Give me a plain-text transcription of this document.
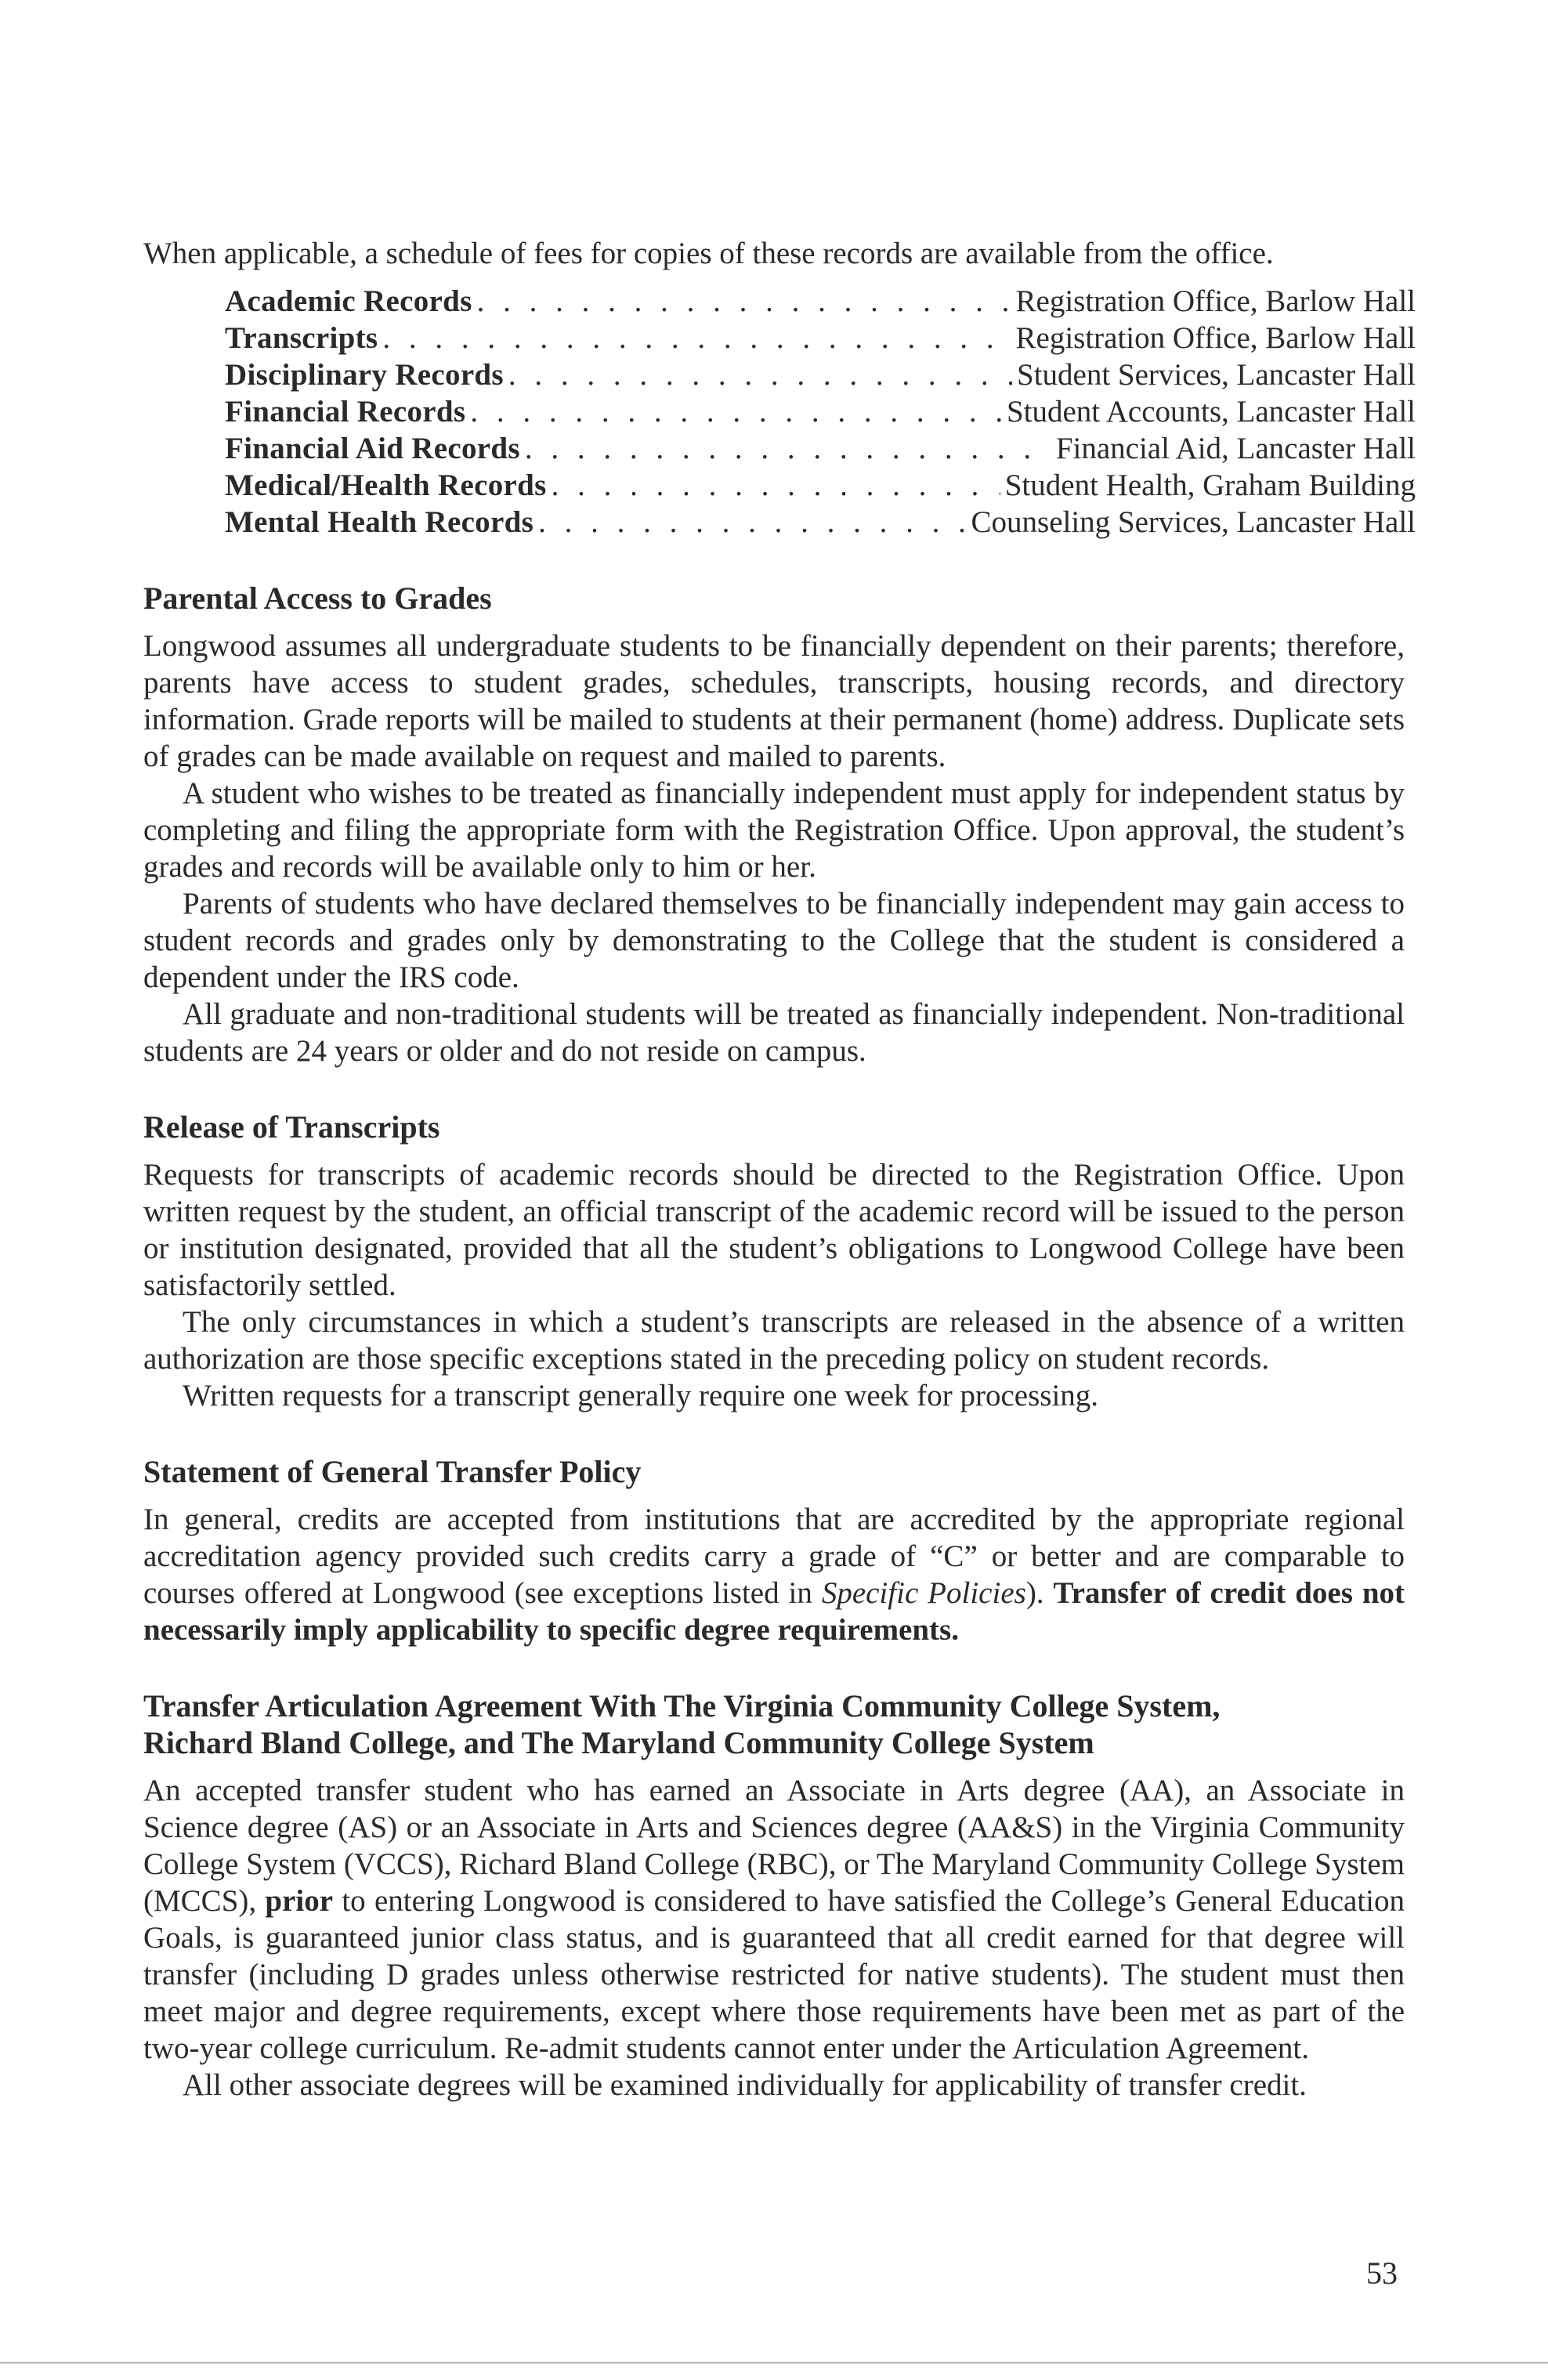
When applicable, a schedule of fees for copies of these records are available from the office.

Academic Records . . .	Registration Office, Barlow Hall
Transcripts . . .	Registration Office, Barlow Hall
Disciplinary Records . . .	Student Services, Lancaster Hall
Financial Records . . .	Student Accounts, Lancaster Hall
Financial Aid Records . . .	Financial Aid, Lancaster Hall
Medical/Health Records . . .	Student Health, Graham Building
Mental Health Records . . .	Counseling Services, Lancaster Hall
Parental Access to Grades

Longwood assumes all undergraduate students to be financially dependent on their parents; therefore, parents have access to student grades, schedules, transcripts, housing records, and directory information. Grade reports will be mailed to students at their permanent (home) address. Duplicate sets of grades can be made available on request and mailed to parents.

A student who wishes to be treated as financially independent must apply for independent status by completing and filing the appropriate form with the Registration Office. Upon approval, the student’s grades and records will be available only to him or her.

Parents of students who have declared themselves to be financially independent may gain access to student records and grades only by demonstrating to the College that the student is considered a dependent under the IRS code.

All graduate and non-traditional students will be treated as financially independent. Non-traditional students are 24 years or older and do not reside on campus.

Release of Transcripts

Requests for transcripts of academic records should be directed to the Registration Office. Upon written request by the student, an official transcript of the academic record will be issued to the person or institution designated, provided that all the student’s obligations to Longwood College have been satisfactorily settled.

The only circumstances in which a student’s transcripts are released in the absence of a written authorization are those specific exceptions stated in the preceding policy on student records.

Written requests for a transcript generally require one week for processing.

Statement of General Transfer Policy

In general, credits are accepted from institutions that are accredited by the appropriate regional accreditation agency provided such credits carry a grade of “C” or better and are comparable to courses offered at Longwood (see exceptions listed in Specific Policies). Transfer of credit does not necessarily imply applicability to specific degree requirements.

Transfer Articulation Agreement With The Virginia Community College System,
Richard Bland College, and The Maryland Community College System

An accepted transfer student who has earned an Associate in Arts degree (AA), an Associate in Science degree (AS) or an Associate in Arts and Sciences degree (AA&S) in the Virginia Community College System (VCCS), Richard Bland College (RBC), or The Maryland Community College System (MCCS), prior to entering Longwood is considered to have satisfied the College’s General Education Goals, is guaranteed junior class status, and is guaranteed that all credit earned for that degree will transfer (including D grades unless otherwise restricted for native students). The student must then meet major and degree requirements, except where those requirements have been met as part of the two-year college curriculum. Re-admit students cannot enter under the Articulation Agreement.

All other associate degrees will be examined individually for applicability of transfer credit.

53
